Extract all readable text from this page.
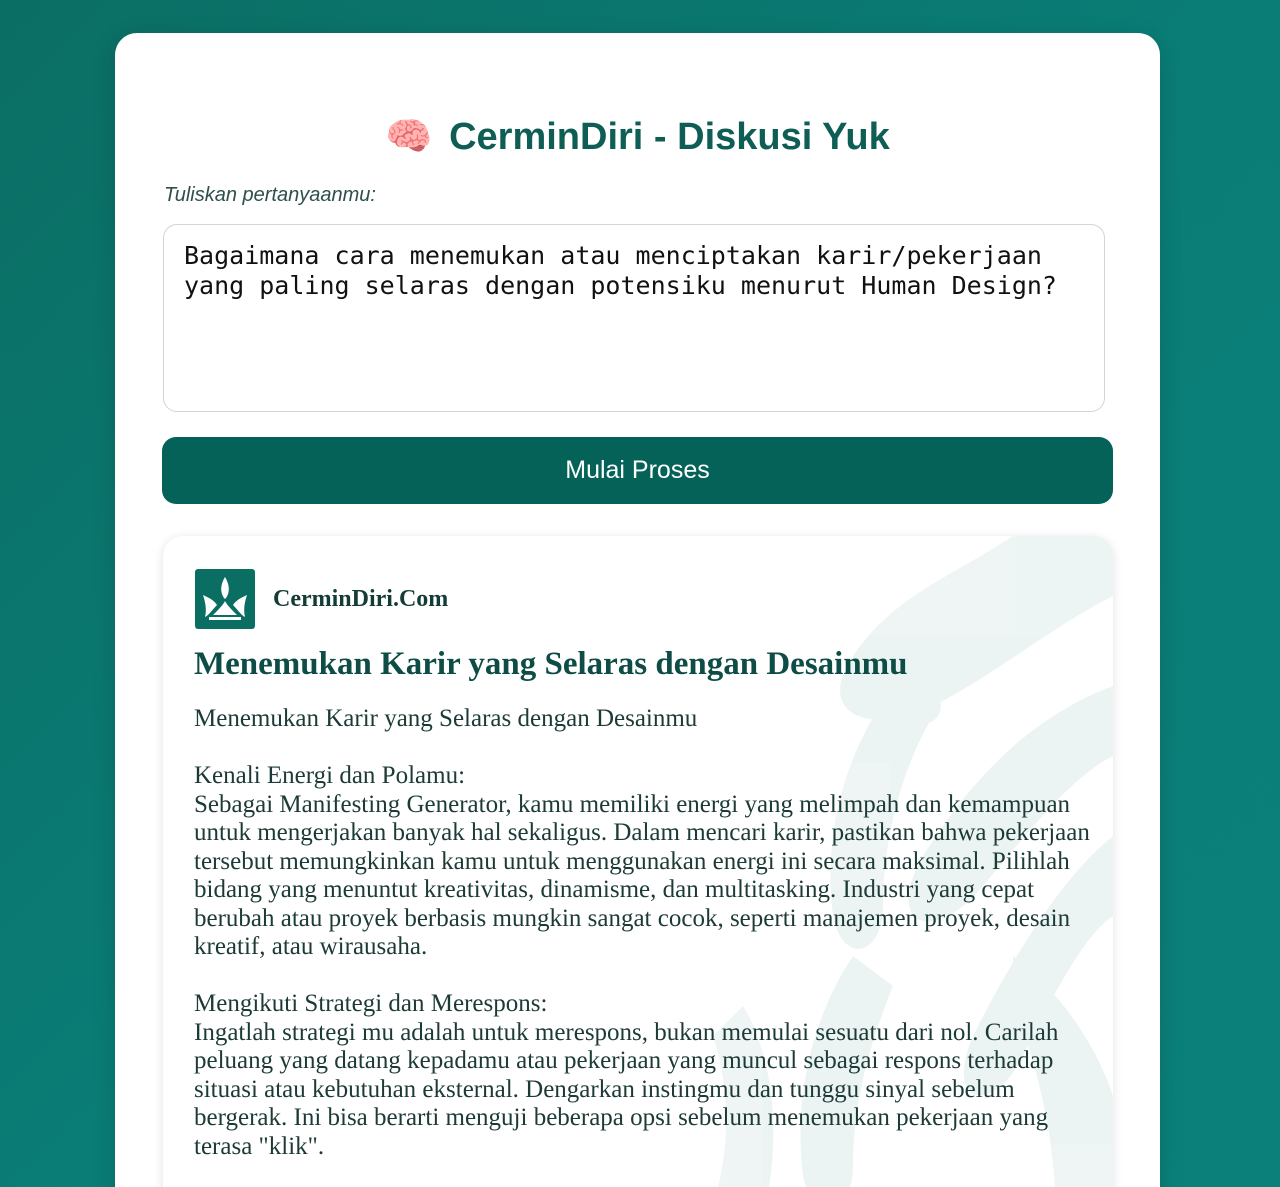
🧠 CerminDiri - Diskusi Yuk
Tuliskan pertanyaanmu:
Bagaimana cara menemukan atau menciptakan karir/pekerjaan yang paling selaras dengan potensiku menurut Human Design?
Mulai Proses
CerminDiri.Com
Menemukan Karir yang Selaras dengan Desainmu

Menemukan Karir yang Selaras dengan Desainmu

Kenali Energi dan Polamu:
Sebagai Manifesting Generator, kamu memiliki energi yang melimpah dan kemampuan untuk mengerjakan banyak hal sekaligus. Dalam mencari karir, pastikan bahwa pekerjaan tersebut memungkinkan kamu untuk menggunakan energi ini secara maksimal. Pilihlah bidang yang menuntut kreativitas, dinamisme, dan multitasking. Industri yang cepat berubah atau proyek berbasis mungkin sangat cocok, seperti manajemen proyek, desain kreatif, atau wirausaha.

Mengikuti Strategi dan Merespons:
Ingatlah strategi mu adalah untuk merespons, bukan memulai sesuatu dari nol. Carilah peluang yang datang kepadamu atau pekerjaan yang muncul sebagai respons terhadap situasi atau kebutuhan eksternal. Dengarkan instingmu dan tunggu sinyal sebelum bergerak. Ini bisa berarti menguji beberapa opsi sebelum menemukan pekerjaan yang terasa "klik".
